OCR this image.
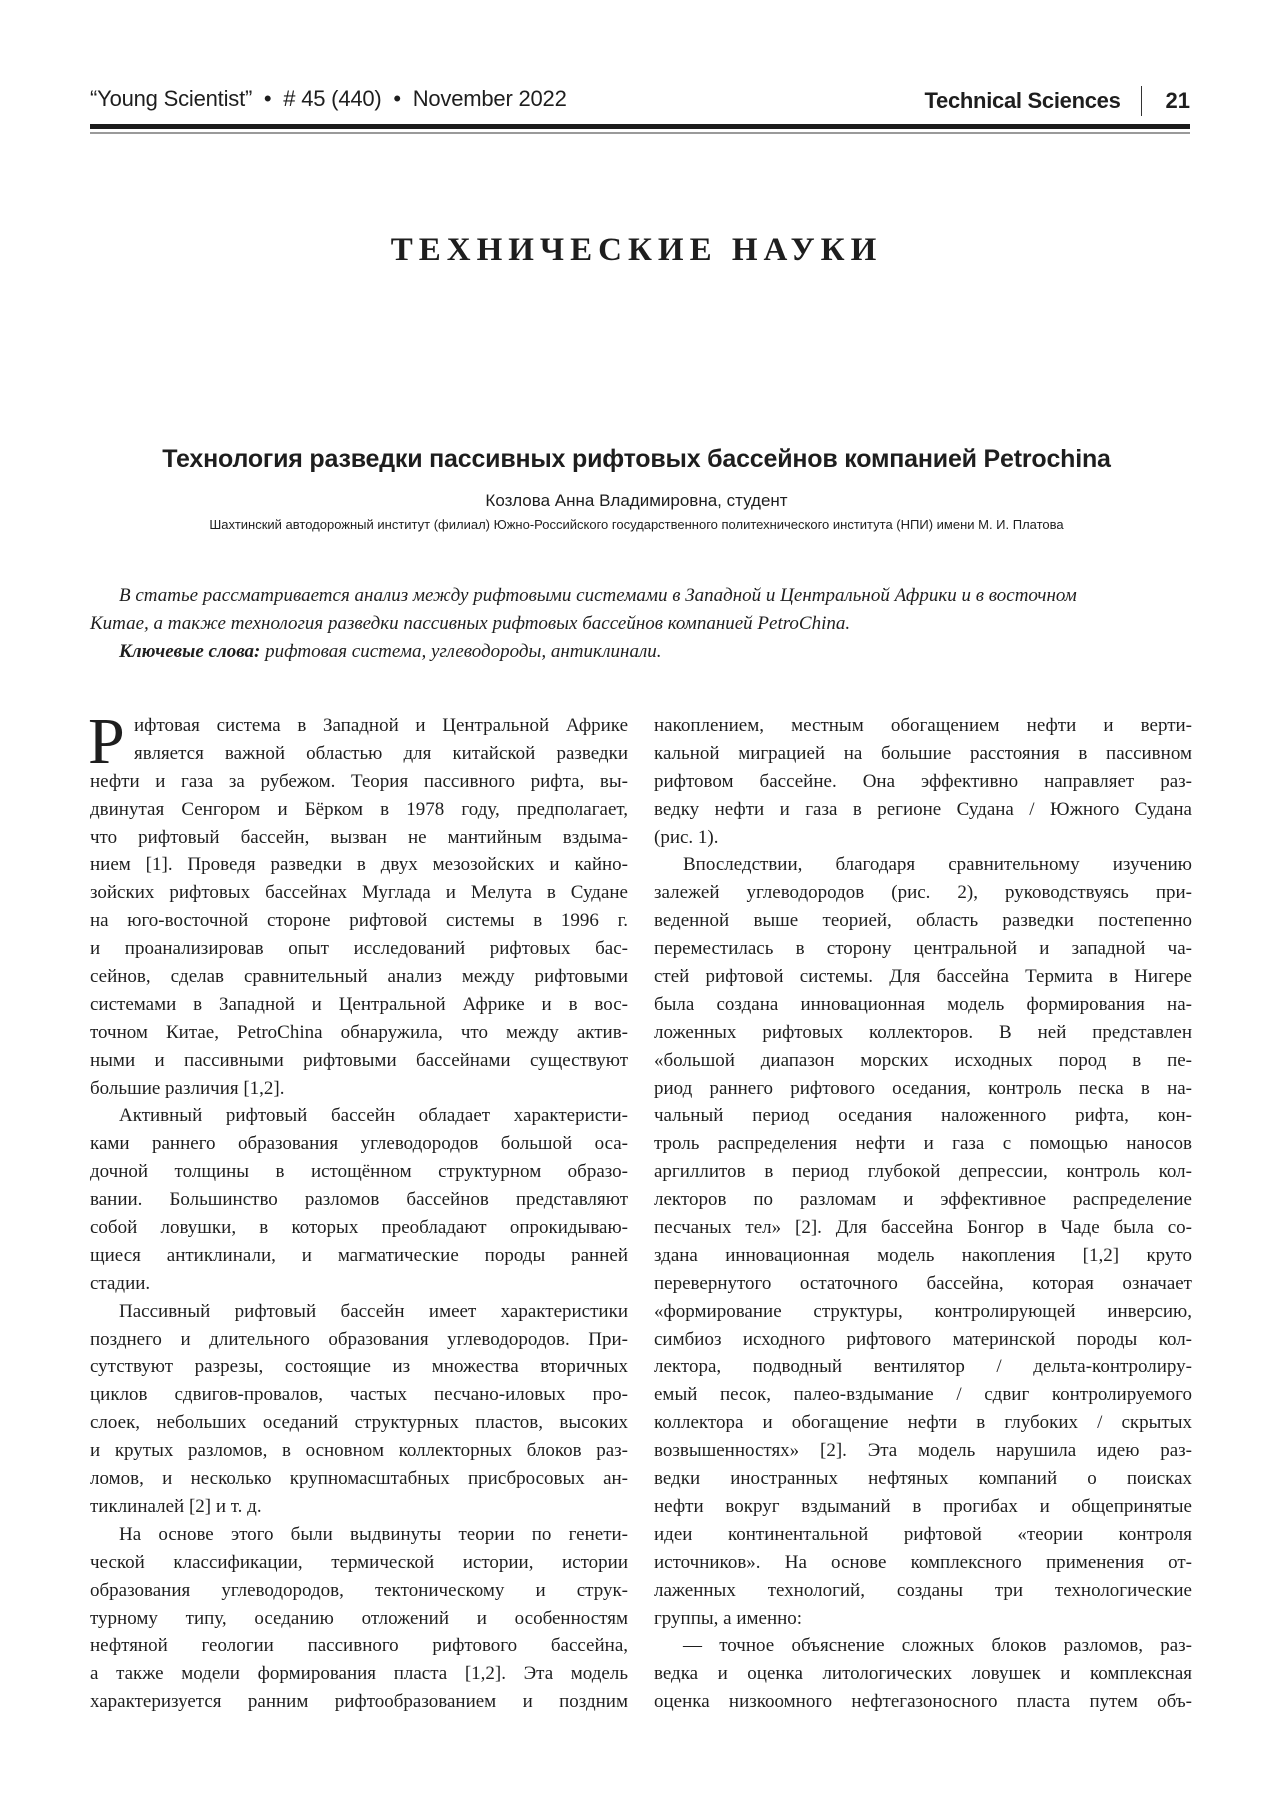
“Young Scientist”  •  # 45 (440)  •  November 2022	Technical Sciences 21
ТЕХНИЧЕСКИЕ НАУКИ
Технология разведки пассивных рифтовых бассейнов компанией Petrochina
Козлова Анна Владимировна, студент
Шахтинский автодорожный институт (филиал) Южно-Российского государственного политехнического института (НПИ) имени М. И. Платова
В статье рассматривается анализ между рифтовыми системами в Западной и Центральной Африки и в восточном
Китае, а также технология разведки пассивных рифтовых бассейнов компанией PetroChina.
Ключевые слова: рифтовая система, углеводороды, антиклинали.
Р ифтовая система в Западной и Центральной Африке
является важной областью для китайской разведки
нефти и газа за рубежом. Теория пассивного рифта, вы-
двинутая Сенгором и Бёрком в 1978 году, предполагает,
что рифтовый бассейн, вызван не мантийным вздыма-
нием [1]. Проведя разведки в двух мезозойских и кайно-
зойских рифтовых бассейнах Муглада и Мелута в Судане
на юго-восточной стороне рифтовой системы в 1996 г.
и проанализировав опыт исследований рифтовых бас-
сейнов, сделав сравнительный анализ между рифтовыми
системами в Западной и Центральной Африке и в вос-
точном Китае, PetroChina обнаружила, что между актив-
ными и пассивными рифтовыми бассейнами существуют
большие различия [1,2].
Активный рифтовый бассейн обладает характеристи-
ками раннего образования углеводородов большой оса-
дочной толщины в истощённом структурном образо-
вании. Большинство разломов бассейнов представляют
собой ловушки, в которых преобладают опрокидываю-
щиеся антиклинали, и магматические породы ранней
стадии.
Пассивный рифтовый бассейн имеет характеристики
позднего и длительного образования углеводородов. При-
сутствуют разрезы, состоящие из множества вторичных
циклов сдвигов-провалов, частых песчано-иловых про-
слоек, небольших оседаний структурных пластов, высоких
и крутых разломов, в основном коллекторных блоков раз-
ломов, и несколько крупномасштабных присбросовых ан-
тиклиналей [2] и т. д.
На основе этого были выдвинуты теории по генети-
ческой классификации, термической истории, истории
образования углеводородов, тектоническому и струк-
турному типу, оседанию отложений и особенностям
нефтяной геологии пассивного рифтового бассейна,
а также модели формирования пласта [1,2]. Эта модель
характеризуется ранним рифтообразованием и поздним
накоплением, местным обогащением нефти и верти-
кальной миграцией на большие расстояния в пассивном
рифтовом бассейне. Она эффективно направляет раз-
ведку нефти и газа в регионе Судана / Южного Судана
(рис. 1).
Впоследствии, благодаря сравнительному изучению
залежей углеводородов (рис. 2), руководствуясь при-
веденной выше теорией, область разведки постепенно
переместилась в сторону центральной и западной ча-
стей рифтовой системы. Для бассейна Термита в Нигере
была создана инновационная модель формирования на-
ложенных рифтовых коллекторов. В ней представлен
«большой диапазон морских исходных пород в пе-
риод раннего рифтового оседания, контроль песка в на-
чальный период оседания наложенного рифта, кон-
троль распределения нефти и газа с помощью наносов
аргиллитов в период глубокой депрессии, контроль кол-
лекторов по разломам и эффективное распределение
песчаных тел» [2]. Для бассейна Бонгор в Чаде была со-
здана инновационная модель накопления [1,2] круто
перевернутого остаточного бассейна, которая означает
«формирование структуры, контролирующей инверсию,
симбиоз исходного рифтового материнской породы кол-
лектора, подводный вентилятор / дельта-контролиру-
емый песок, палео-вздымание / сдвиг контролируемого
коллектора и обогащение нефти в глубоких / скрытых
возвышенностях» [2]. Эта модель нарушила идею раз-
ведки иностранных нефтяных компаний о поисках
нефти вокруг вздыманий в прогибах и общепринятые
идеи континентальной рифтовой «теории контроля
источников». На основе комплексного применения от-
лаженных технологий, созданы три технологические
группы, а именно:
— точное объяснение сложных блоков разломов, раз-
ведка и оценка литологических ловушек и комплексная
оценка низкоомного нефтегазоносного пласта путем объ-
